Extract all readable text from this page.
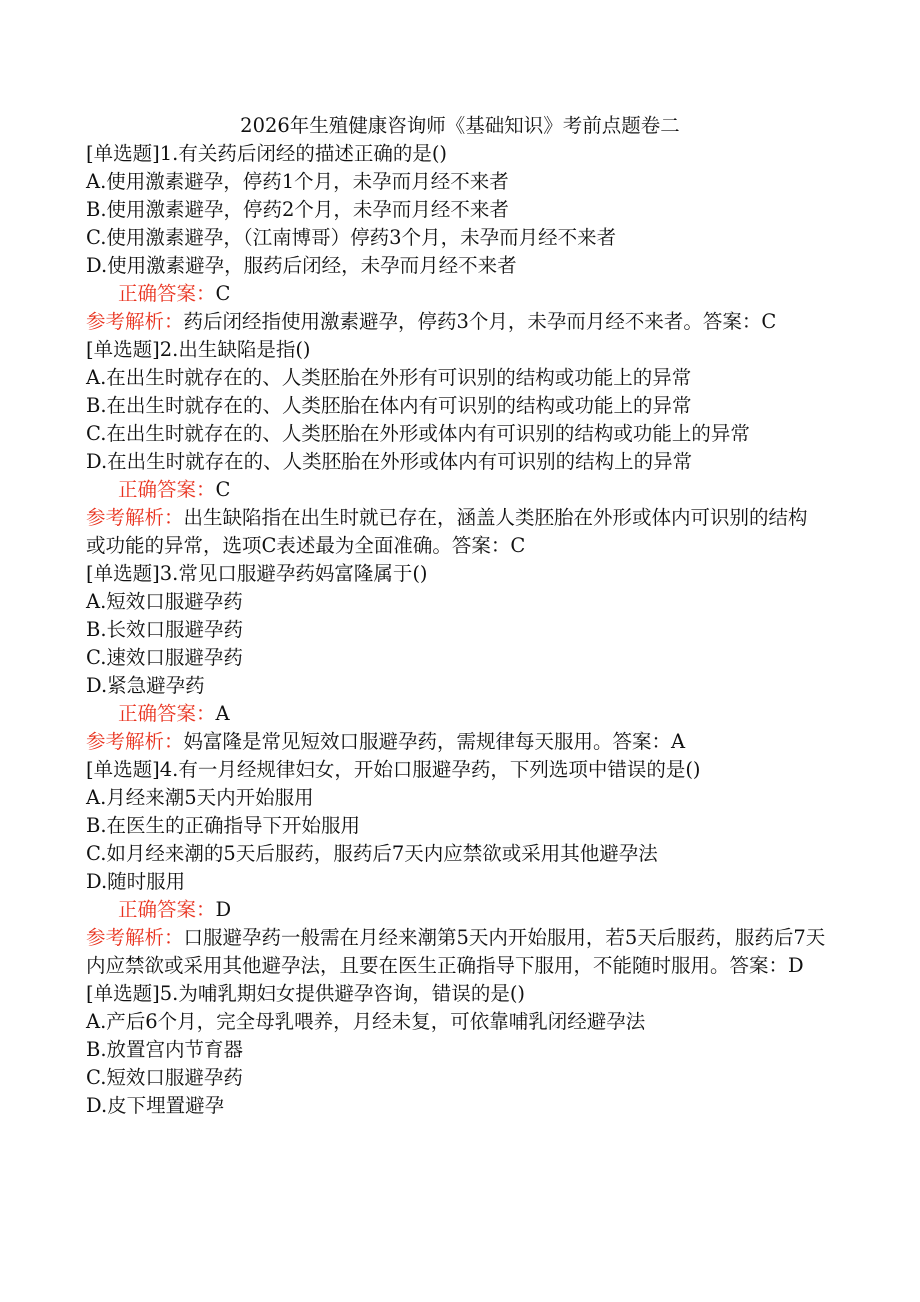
2026年生殖健康咨询师《基础知识》考前点题卷二
[单选题]1.有关药后闭经的描述正确的是()
A.使用激素避孕，停药1个月，未孕而月经不来者
B.使用激素避孕，停药2个月，未孕而月经不来者
C.使用激素避孕，（江南博哥）停药3个月，未孕而月经不来者
D.使用激素避孕，服药后闭经，未孕而月经不来者
正确答案：C
参考解析：药后闭经指使用激素避孕，停药3个月，未孕而月经不来者。答案：C
[单选题]2.出生缺陷是指()
A.在出生时就存在的、人类胚胎在外形有可识别的结构或功能上的异常
B.在出生时就存在的、人类胚胎在体内有可识别的结构或功能上的异常
C.在出生时就存在的、人类胚胎在外形或体内有可识别的结构或功能上的异常
D.在出生时就存在的、人类胚胎在外形或体内有可识别的结构上的异常
正确答案：C
参考解析：出生缺陷指在出生时就已存在，涵盖人类胚胎在外形或体内可识别的结构或功能的异常，选项C表述最为全面准确。答案：C
[单选题]3.常见口服避孕药妈富隆属于()
A.短效口服避孕药
B.长效口服避孕药
C.速效口服避孕药
D.紧急避孕药
正确答案：A
参考解析：妈富隆是常见短效口服避孕药，需规律每天服用。答案：A
[单选题]4.有一月经规律妇女，开始口服避孕药，下列选项中错误的是()
A.月经来潮5天内开始服用
B.在医生的正确指导下开始服用
C.如月经来潮的5天后服药，服药后7天内应禁欲或采用其他避孕法
D.随时服用
正确答案：D
参考解析：口服避孕药一般需在月经来潮第5天内开始服用，若5天后服药，服药后7天内应禁欲或采用其他避孕法，且要在医生正确指导下服用，不能随时服用。答案：D
[单选题]5.为哺乳期妇女提供避孕咨询，错误的是()
A.产后6个月，完全母乳喂养，月经未复，可依靠哺乳闭经避孕法
B.放置宫内节育器
C.短效口服避孕药
D.皮下埋置避孕
